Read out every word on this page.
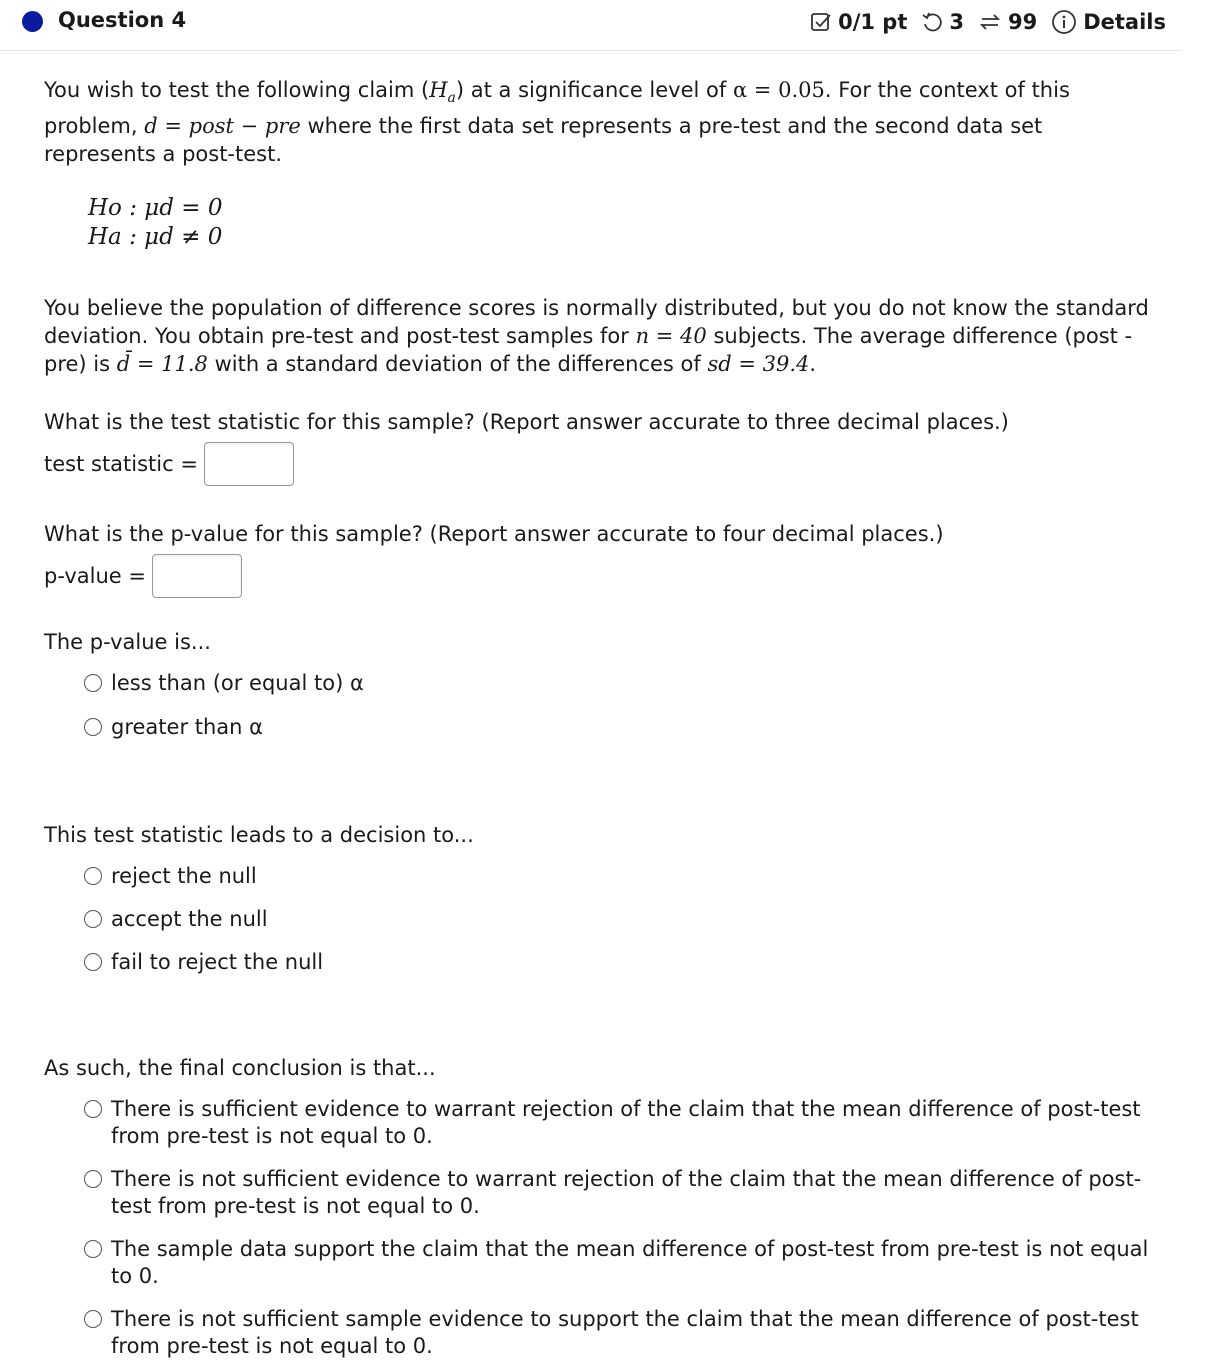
Question 4	0/1 pt 3 99 Details

You wish to test the following claim $(H_a)$ at a significance level of α = 0.05. For the context of this problem, d = post − pre where the first data set represents a pre-test and the second data set represents a post-test.

Ho : μd = 0
Ha : μd ≠ 0

You believe the population of difference scores is normally distributed, but you do not know the standard deviation. You obtain pre-test and post-test samples for n = 40 subjects. The average difference (post - pre) is d̄ = 11.8 with a standard deviation of the differences of sd = 39.4.

What is the test statistic for this sample? (Report answer accurate to three decimal places.)

test statistic =

What is the p-value for this sample? (Report answer accurate to four decimal places.)

p-value =

The p-value is...

less than (or equal to) α
greater than α

This test statistic leads to a decision to...

reject the null
accept the null
fail to reject the null

As such, the final conclusion is that...

There is sufficient evidence to warrant rejection of the claim that the mean difference of post-test from pre-test is not equal to 0.
There is not sufficient evidence to warrant rejection of the claim that the mean difference of post-test from pre-test is not equal to 0.
The sample data support the claim that the mean difference of post-test from pre-test is not equal to 0.
There is not sufficient sample evidence to support the claim that the mean difference of post-test from pre-test is not equal to 0.
